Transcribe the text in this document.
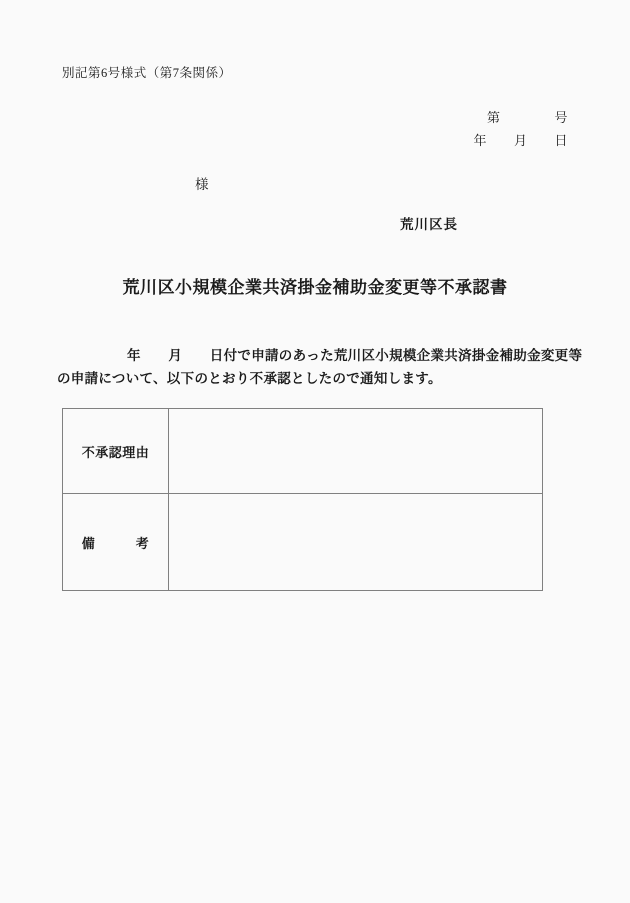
別記第6号様式（第7条関係）
第　　　　号
年　　月　　日
様
荒川区長
荒川区小規模企業共済掛金補助金変更等不承認書
年　　月　　日付で申請のあった荒川区小規模企業共済掛金補助金変更等
の申請について、以下のとおり不承認としたので通知します。
不承認理由	
備　　　考	
